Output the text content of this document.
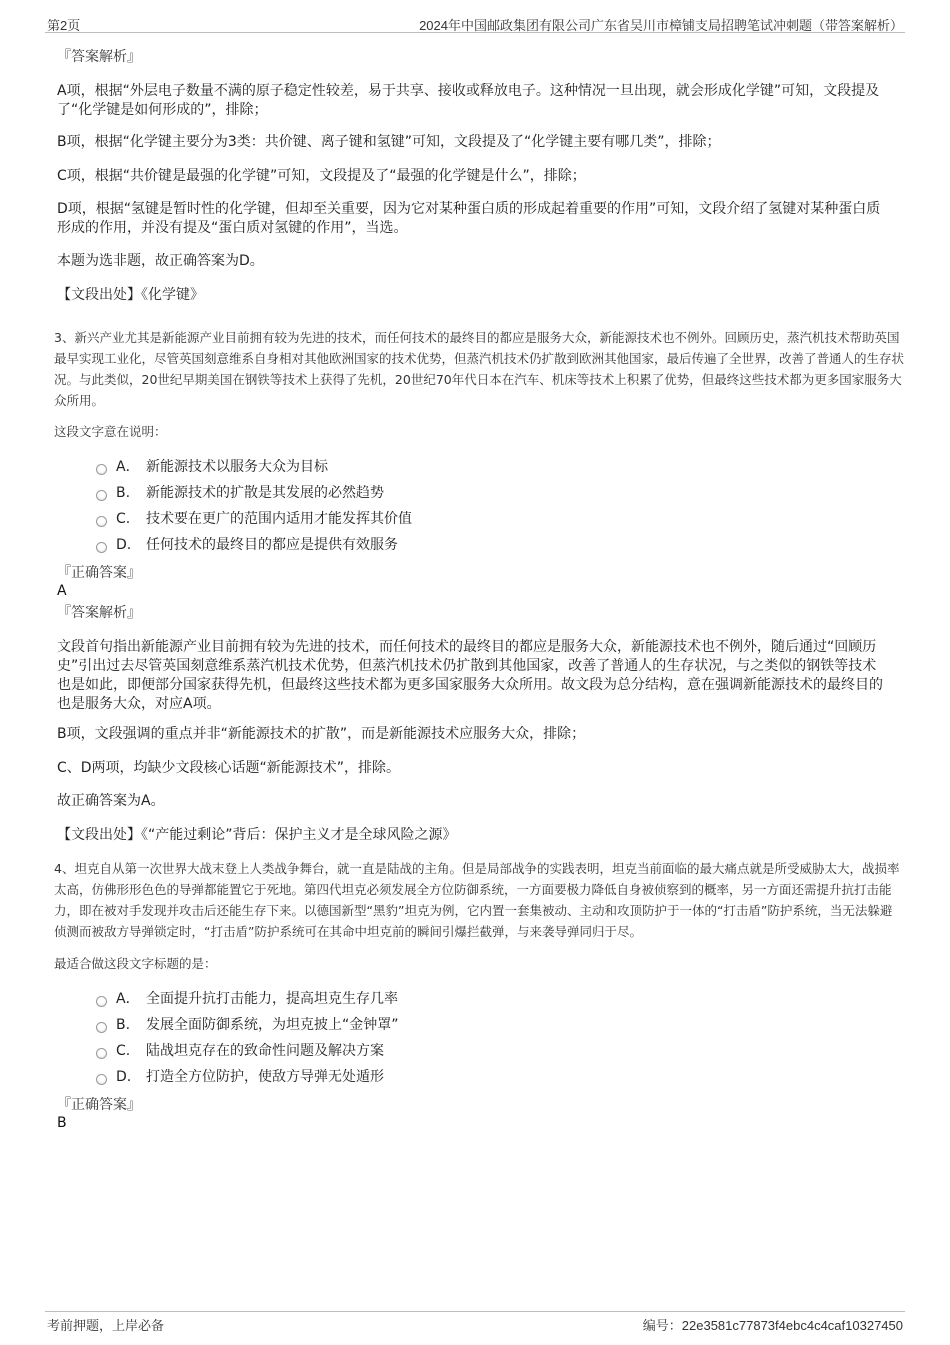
第2页	2024年中国邮政集团有限公司广东省吴川市樟铺支局招聘笔试冲刺题（带答案解析）
『答案解析』
A项，根据“外层电子数量不满的原子稳定性较差，易于共享、接收或释放电子。这种情况一旦出现，就会形成化学键”可知，文段提及了“化学键是如何形成的”，排除；
B项，根据“化学键主要分为3类：共价键、离子键和氢键”可知，文段提及了“化学键主要有哪几类”，排除；
C项，根据“共价键是最强的化学键”可知，文段提及了“最强的化学键是什么”，排除；
D项，根据“氢键是暂时性的化学键，但却至关重要，因为它对某种蛋白质的形成起着重要的作用”可知，文段介绍了氢键对某种蛋白质形成的作用，并没有提及“蛋白质对氢键的作用”，当选。
本题为选非题，故正确答案为D。
【文段出处】《化学键》
3、新兴产业尤其是新能源产业目前拥有较为先进的技术，而任何技术的最终目的都应是服务大众，新能源技术也不例外。回顾历史，蒸汽机技术帮助英国最早实现工业化，尽管英国刻意维系自身相对其他欧洲国家的技术优势，但蒸汽机技术仍扩散到欧洲其他国家，最后传遍了全世界，改善了普通人的生存状况。与此类似，20世纪早期美国在钢铁等技术上获得了先机，20世纪70年代日本在汽车、机床等技术上积累了优势，但最终这些技术都为更多国家服务大众所用。
这段文字意在说明：
A． 新能源技术以服务大众为目标
B.	新能源技术的扩散是其发展的必然趋势
C.	技术要在更广的范围内适用才能发挥其价值
D.	任何技术的最终目的都应是提供有效服务
『正确答案』
A
『答案解析』
文段首句指出新能源产业目前拥有较为先进的技术，而任何技术的最终目的都应是服务大众，新能源技术也不例外，随后通过“回顾历史”引出过去尽管英国刻意维系蒸汽机技术优势，但蒸汽机技术仍扩散到其他国家，改善了普通人的生存状况，与之类似的钢铁等技术也是如此，即便部分国家获得先机，但最终这些技术都为更多国家服务大众所用。故文段为总分结构，意在强调新能源技术的最终目的也是服务大众，对应A项。
B项，文段强调的重点并非“新能源技术的扩散”，而是新能源技术应服务大众，排除；
C、D两项，均缺少文段核心话题“新能源技术”，排除。
故正确答案为A。
【文段出处】《“产能过剩论”背后：保护主义才是全球风险之源》
4、坦克自从第一次世界大战末登上人类战争舞台，就一直是陆战的主角。但是局部战争的实践表明，坦克当前面临的最大痛点就是所受威胁太大，战损率太高，仿佛形形色色的导弹都能置它于死地。第四代坦克必须发展全方位防御系统，一方面要极力降低自身被侦察到的概率，另一方面还需提升抗打击能力，即在被对手发现并攻击后还能生存下来。以德国新型“黑豹”坦克为例，它内置一套集被动、主动和攻顶防护于一体的“打击盾”防护系统，当无法躲避侦测而被敌方导弹锁定时，“打击盾”防护系统可在其命中坦克前的瞬间引爆拦截弹，与来袭导弹同归于尽。
最适合做这段文字标题的是：
A． 全面提升抗打击能力，提高坦克生存几率
B.	发展全面防御系统，为坦克披上“金钟罩”
C.	陆战坦克存在的致命性问题及解决方案
D.	打造全方位防护，使敌方导弹无处遁形
『正确答案』
B
考前押题，上岸必备	编号：22e3581c77873f4ebc4c4caf10327450
